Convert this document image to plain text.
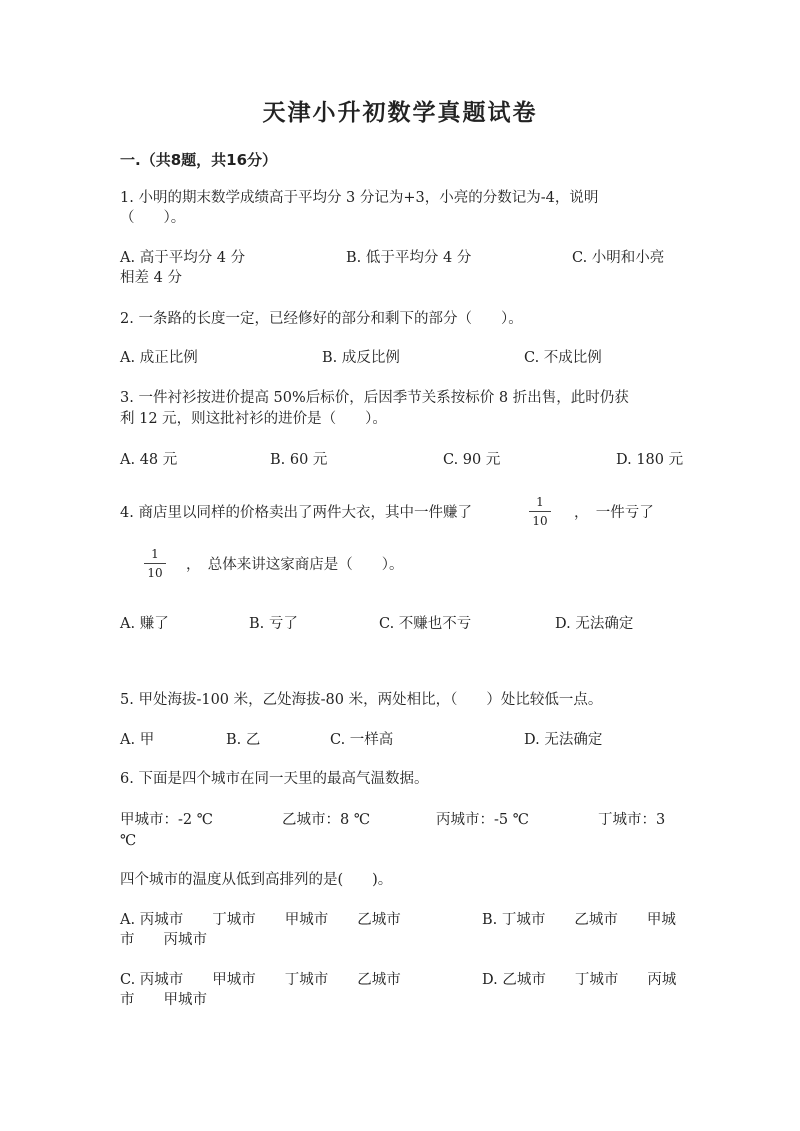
天津小升初数学真题试卷
一.（共8题，共16分）
1. 小明的期末数学成绩高于平均分 3 分记为+3，小亮的分数记为-4，说明
（　　）。
A. 高于平均分 4 分	B. 低于平均分 4 分	C. 小明和小亮
相差 4 分
2. 一条路的长度一定，已经修好的部分和剩下的部分（　　）。
A. 成正比例	B. 成反比例	C. 不成比例
3. 一件衬衫按进价提高 50%后标价，后因季节关系按标价 8 折出售，此时仍获
利 12 元，则这批衬衫的进价是（　　）。
A. 48 元	B. 60 元	C. 90 元	D. 180 元
4. 商店里以同样的价格卖出了两件大衣，其中一件赚了
1
10	，　一件亏了
1
10	，　总体来讲这家商店是（　　）。
A. 赚了	B. 亏了	C. 不赚也不亏	D. 无法确定
5. 甲处海拔-100 米，乙处海拔-80 米，两处相比，（　　）处比较低一点。
A. 甲	B. 乙	C. 一样高	D. 无法确定
6. 下面是四个城市在同一天里的最高气温数据。
甲城市：-2 ℃	乙城市：8 ℃	丙城市：-5 ℃	丁城市：3
℃
四个城市的温度从低到高排列的是(　　)。
A. 丙城市　　丁城市　　甲城市　　乙城市	B. 丁城市　　乙城市　　甲城
市　　丙城市
C. 丙城市　　甲城市　　丁城市　　乙城市	D. 乙城市　　丁城市　　丙城
市　　甲城市
